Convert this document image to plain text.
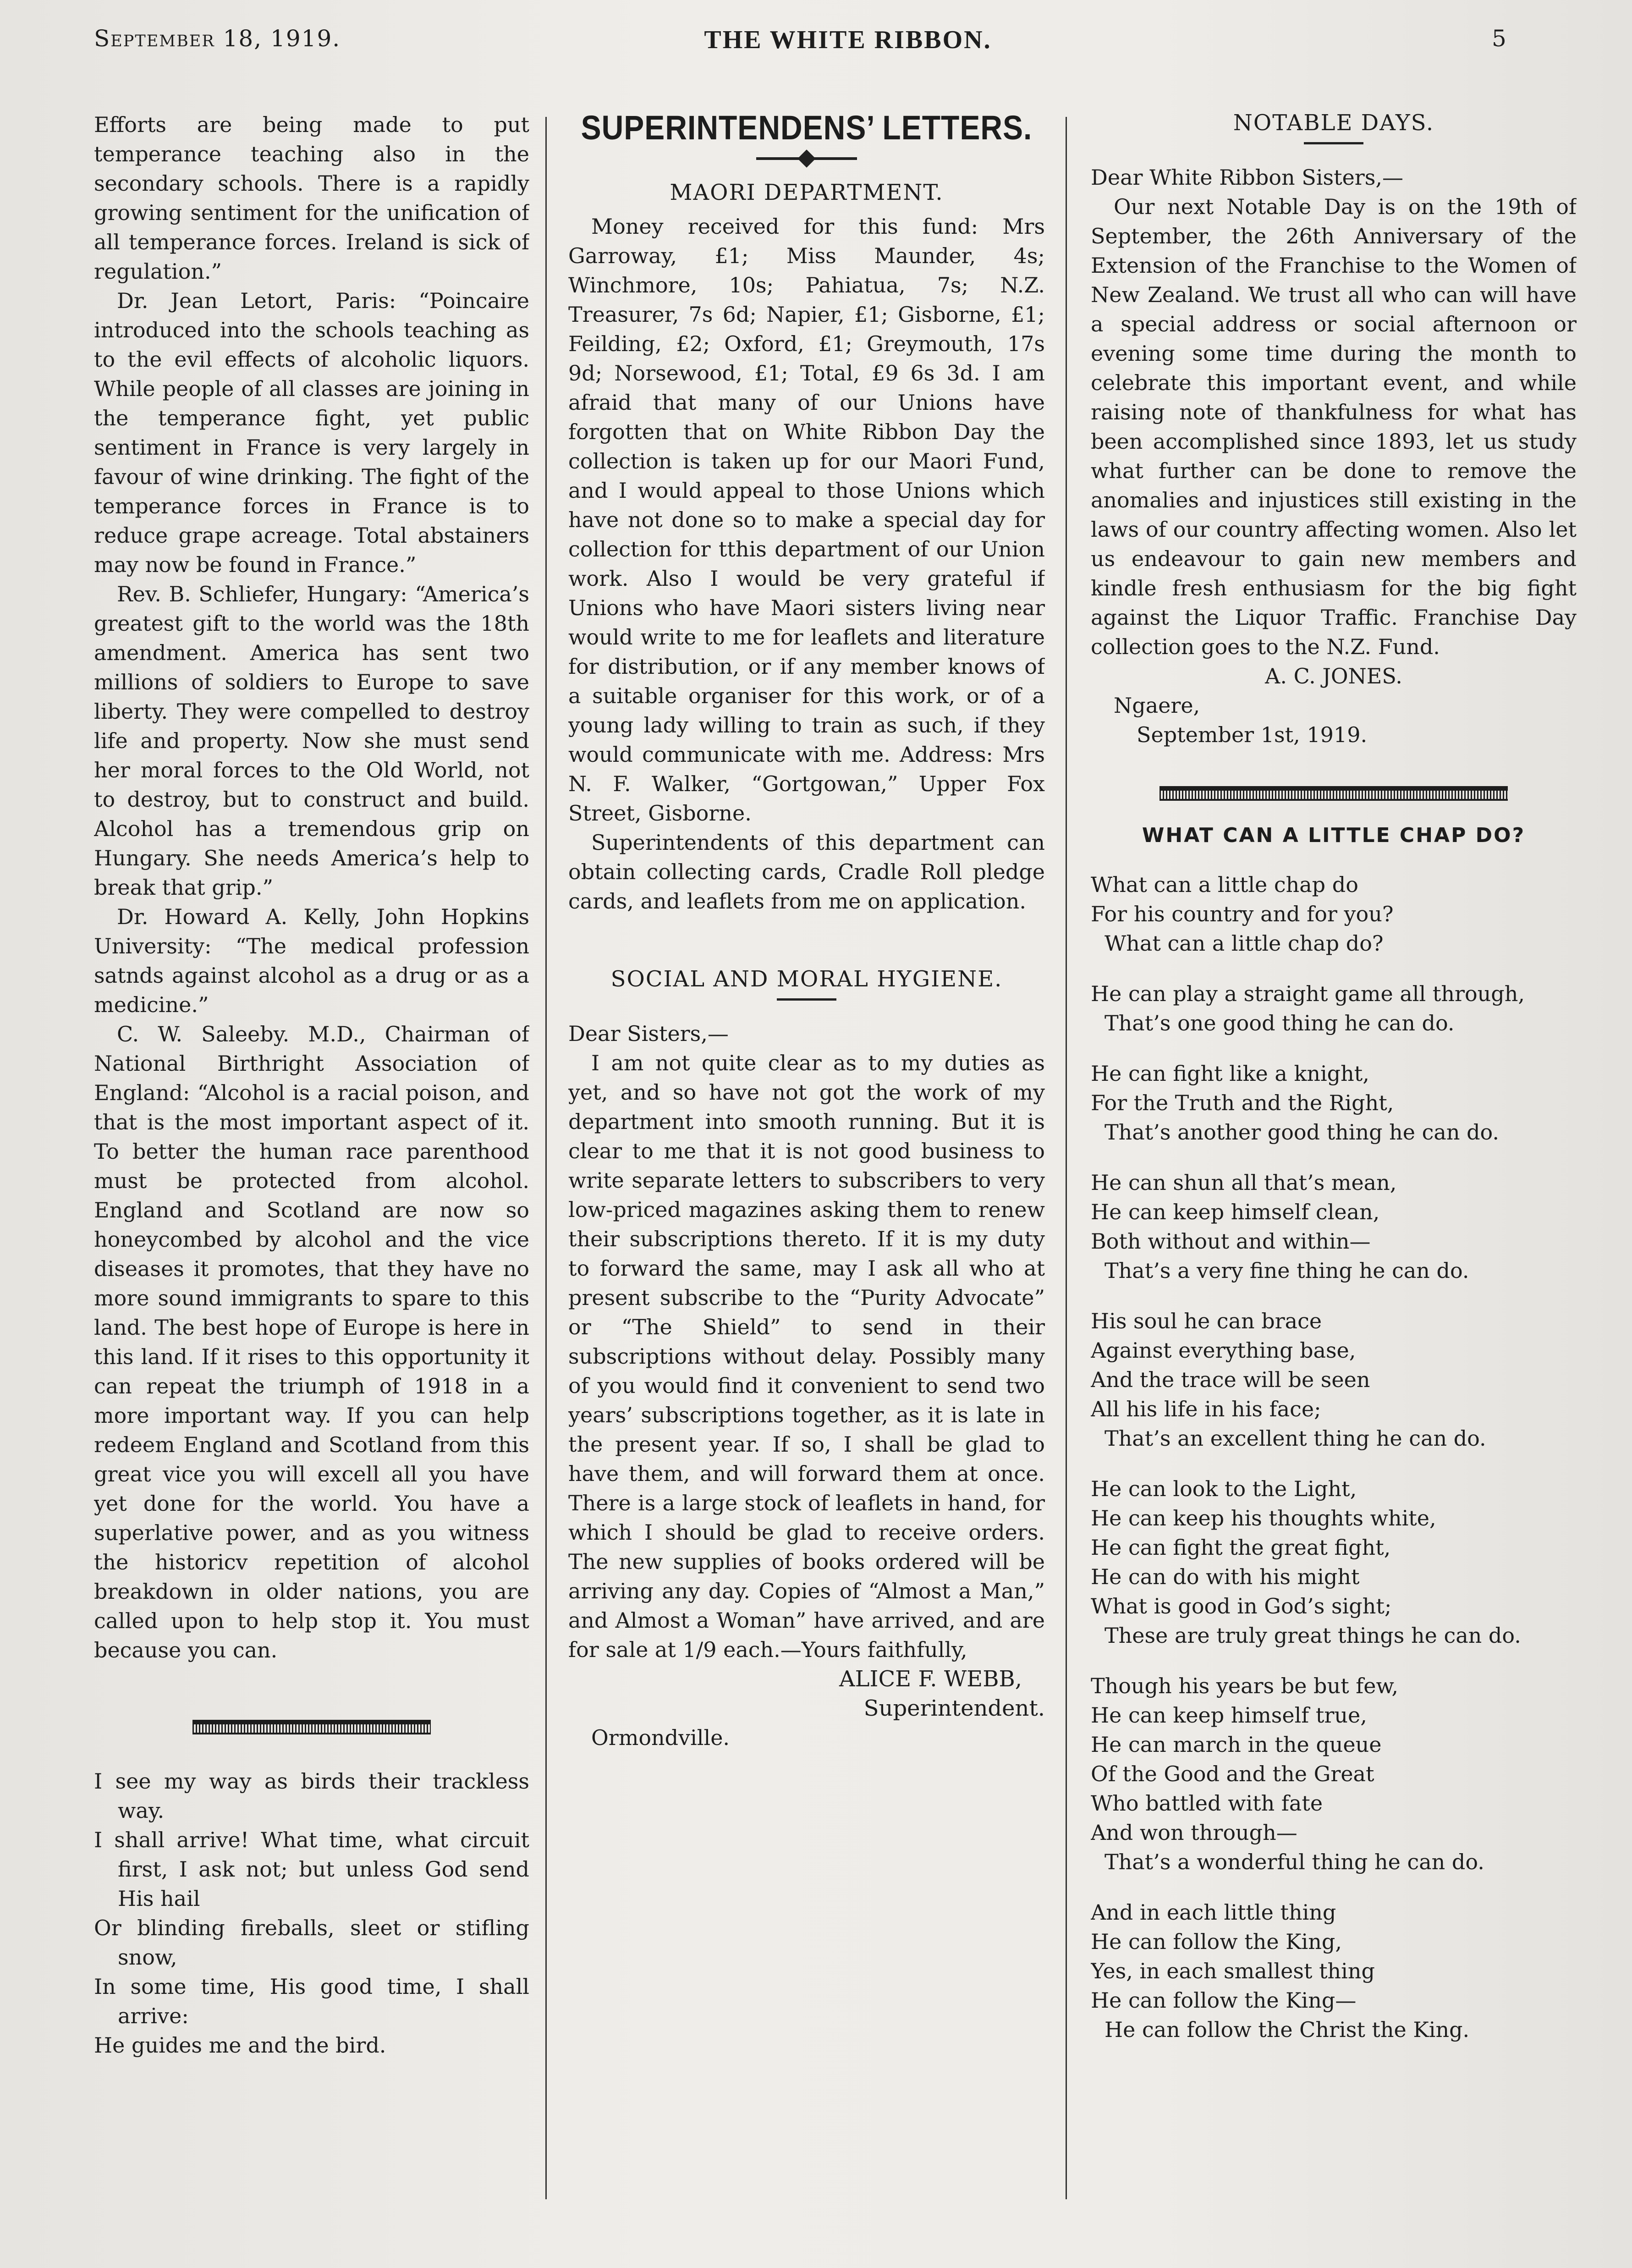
September 18, 1919.	THE WHITE RIBBON.	5

Efforts are being made to put temperance teaching also in the secondary schools. There is a rapidly growing sentiment for the unification of all temperance forces. Ireland is sick of regulation.”

Dr. Jean Letort, Paris: “Poincaire introduced into the schools teaching as to the evil effects of alcoholic liquors. While people of all classes are joining in the temperance fight, yet public sentiment in France is very largely in favour of wine drinking. The fight of the temperance forces in France is to reduce grape acreage. Total abstainers may now be found in France.”

Rev. B. Schliefer, Hungary: “America’s greatest gift to the world was the 18th amendment. America has sent two millions of soldiers to Europe to save liberty. They were compelled to destroy life and property. Now she must send her moral forces to the Old World, not to destroy, but to construct and build. Alcohol has a tremendous grip on Hungary. She needs America’s help to break that grip.”

Dr. Howard A. Kelly, John Hopkins University: “The medical profession satnds against alcohol as a drug or as a medicine.”

C. W. Saleeby. M.D., Chairman of National Birthright Association of England: “Alcohol is a racial poison, and that is the most important aspect of it. To better the human race parenthood must be protected from alcohol. England and Scotland are now so honeycombed by alcohol and the vice diseases it promotes, that they have no more sound immigrants to spare to this land. The best hope of Europe is here in this land. If it rises to this opportunity it can repeat the triumph of 1918 in a more important way. If you can help redeem England and Scotland from this great vice you will excell all you have yet done for the world. You have a superlative power, and as you witness the historicv repetition of alcohol breakdown in older nations, you are called upon to help stop it. You must because you can.

I see my way as birds their trackless way.

I shall arrive! What time, what circuit first, I ask not; but unless God send His hail

Or blinding fireballs, sleet or stifling snow,

In some time, His good time, I shall arrive:

He guides me and the bird.

SUPERINTENDENS’ LETTERS.
MAORI DEPARTMENT.

Money received for this fund: Mrs Garroway, £1; Miss Maunder, 4s; Winchmore, 10s; Pahiatua, 7s; N.Z. Treasurer, 7s 6d; Napier, £1; Gisborne, £1; Feilding, £2; Oxford, £1; Greymouth, 17s 9d; Norsewood, £1; Total, £9 6s 3d. I am afraid that many of our Unions have forgotten that on White Ribbon Day the collection is taken up for our Maori Fund, and I would appeal to those Unions which have not done so to make a special day for collection for tthis department of our Union work. Also I would be very grateful if Unions who have Maori sisters living near would write to me for leaflets and literature for distribution, or if any member knows of a suitable organiser for this work, or of a young lady willing to train as such, if they would communicate with me. Address: Mrs N. F. Walker, “Gortgowan,” Upper Fox Street, Gisborne.

Superintendents of this department can obtain collecting cards, Cradle Roll pledge cards, and leaflets from me on application.

SOCIAL AND MORAL HYGIENE.

Dear Sisters,—

I am not quite clear as to my duties as yet, and so have not got the work of my department into smooth running. But it is clear to me that it is not good business to write separate letters to subscribers to very low-priced magazines asking them to renew their subscriptions thereto. If it is my duty to forward the same, may I ask all who at present subscribe to the “Purity Advocate” or “The Shield” to send in their subscriptions without delay. Possibly many of you would find it convenient to send two years’ subscriptions together, as it is late in the present year. If so, I shall be glad to have them, and will forward them at once. There is a large stock of leaflets in hand, for which I should be glad to receive orders. The new supplies of books ordered will be arriving any day. Copies of “Almost a Man,” and Almost a Woman” have arrived, and are for sale at 1/9 each.—Yours faithfully,

ALICE F. WEBB,
Superintendent.

Ormondville.

NOTABLE DAYS.

Dear White Ribbon Sisters,—

Our next Notable Day is on the 19th of September, the 26th Anniversary of the Extension of the Franchise to the Women of New Zealand. We trust all who can will have a special address or social afternoon or evening some time during the month to celebrate this important event, and while raising note of thankfulness for what has been accomplished since 1893, let us study what further can be done to remove the anomalies and injustices still existing in the laws of our country affecting women. Also let us endeavour to gain new members and kindle fresh enthusiasm for the big fight against the Liquor Traffic. Franchise Day collection goes to the N.Z. Fund.

A. C. JONES.

Ngaere,

September 1st, 1919.

WHAT CAN A LITTLE CHAP DO?

What can a little chap do

For his country and for you?

What can a little chap do?

He can play a straight game all through,

That’s one good thing he can do.

He can fight like a knight,

For the Truth and the Right,

That’s another good thing he can do.

He can shun all that’s mean,

He can keep himself clean,

Both without and within—

That’s a very fine thing he can do.

His soul he can brace

Against everything base,

And the trace will be seen

All his life in his face;

That’s an excellent thing he can do.

He can look to the Light,

He can keep his thoughts white,

He can fight the great fight,

He can do with his might

What is good in God’s sight;

These are truly great things he can do.

Though his years be but few,

He can keep himself true,

He can march in the queue

Of the Good and the Great

Who battled with fate

And won through—

That’s a wonderful thing he can do.

And in each little thing

He can follow the King,

Yes, in each smallest thing

He can follow the King—

He can follow the Christ the King.
